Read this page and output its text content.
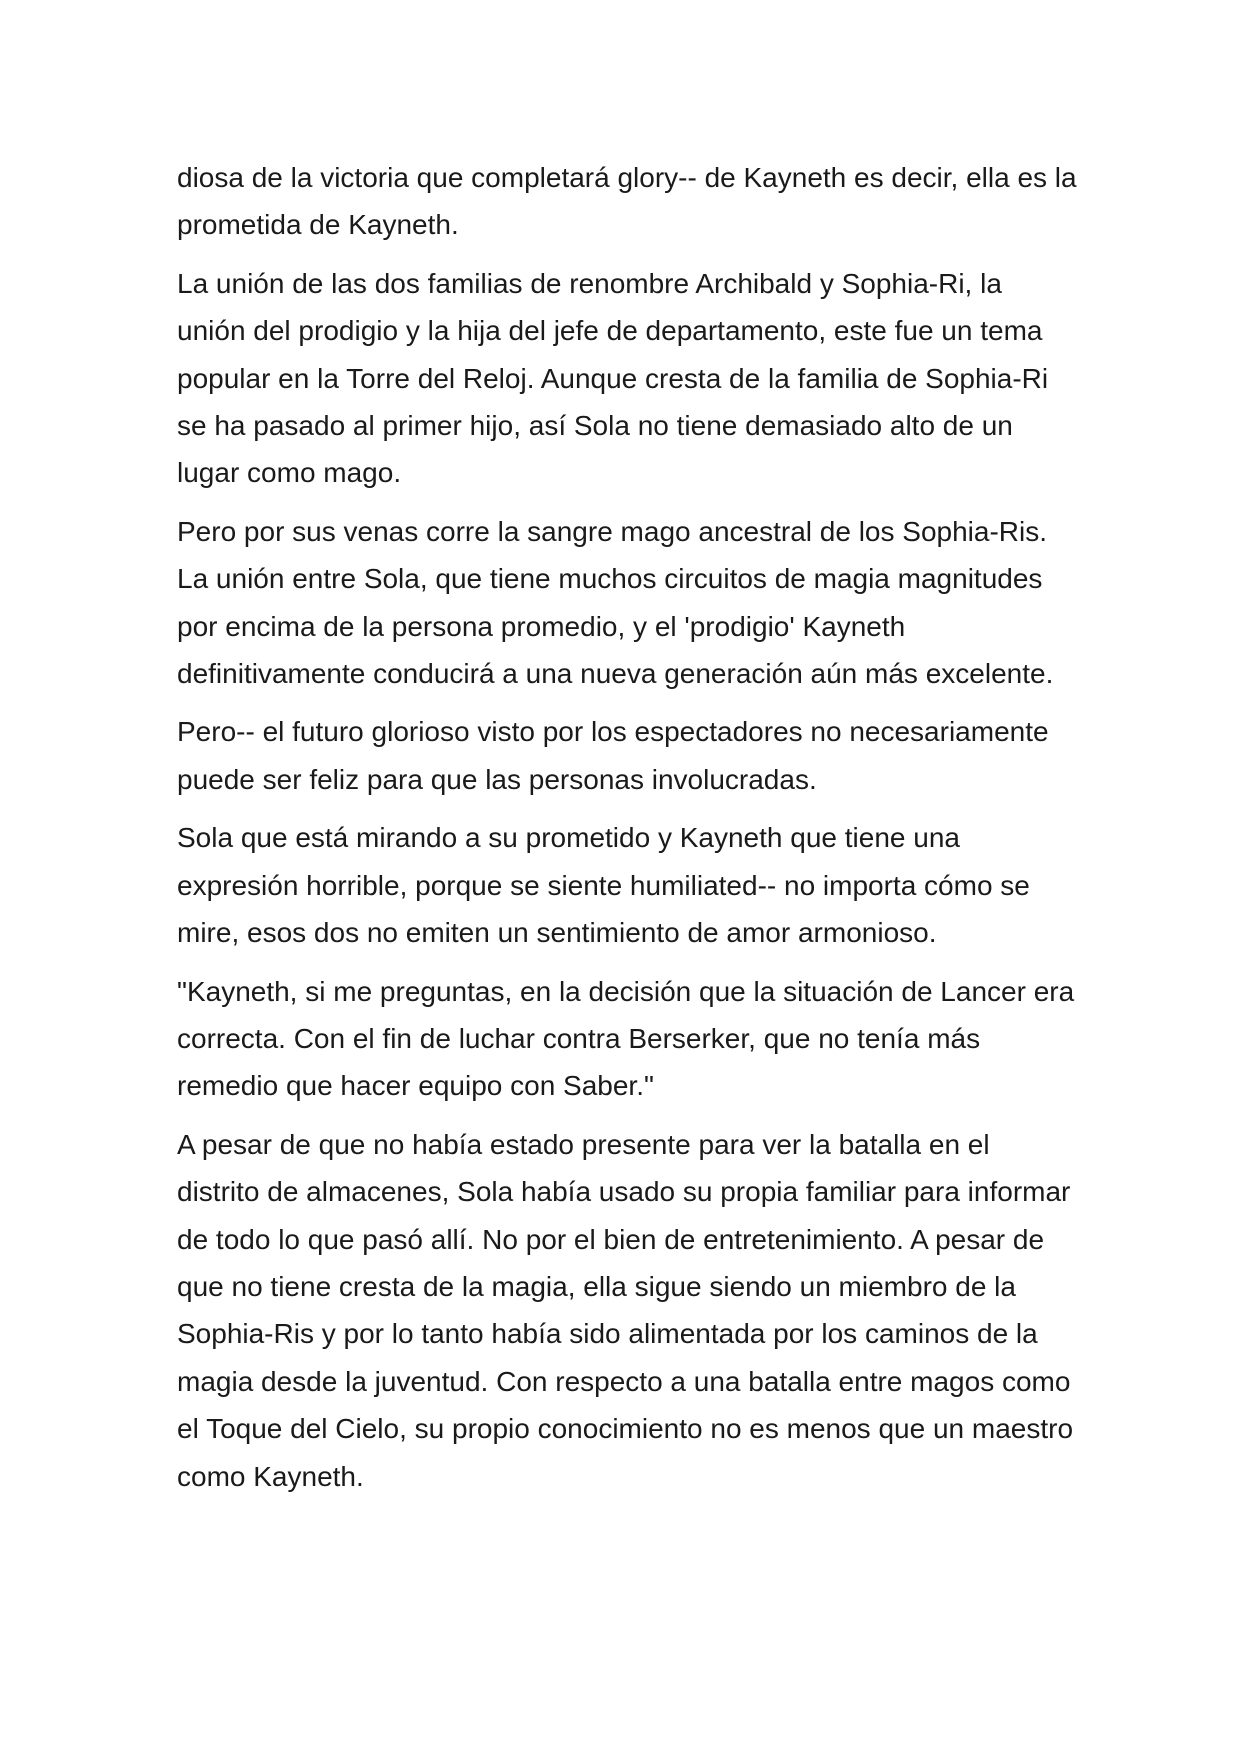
diosa de la victoria que completará glory-- de Kayneth es decir, ella es la prometida de Kayneth.

La unión de las dos familias de renombre Archibald y Sophia-Ri, la unión del prodigio y la hija del jefe de departamento, este fue un tema popular en la Torre del Reloj. Aunque cresta de la familia de Sophia-Ri se ha pasado al primer hijo, así Sola no tiene demasiado alto de un lugar como mago.

Pero por sus venas corre la sangre mago ancestral de los Sophia-Ris. La unión entre Sola, que tiene muchos circuitos de magia magnitudes por encima de la persona promedio, y el 'prodigio' Kayneth definitivamente conducirá a una nueva generación aún más excelente.

Pero-- el futuro glorioso visto por los espectadores no necesariamente puede ser feliz para que las personas involucradas.

Sola que está mirando a su prometido y Kayneth que tiene una expresión horrible, porque se siente humiliated-- no importa cómo se mire, esos dos no emiten un sentimiento de amor armonioso.

"Kayneth, si me preguntas, en la decisión que la situación de Lancer era correcta. Con el fin de luchar contra Berserker, que no tenía más remedio que hacer equipo con Saber."

A pesar de que no había estado presente para ver la batalla en el distrito de almacenes, Sola había usado su propia familiar para informar de todo lo que pasó allí. No por el bien de entretenimiento. A pesar de que no tiene cresta de la magia, ella sigue siendo un miembro de la Sophia-Ris y por lo tanto había sido alimentada por los caminos de la magia desde la juventud. Con respecto a una batalla entre magos como el Toque del Cielo, su propio conocimiento no es menos que un maestro como Kayneth.
